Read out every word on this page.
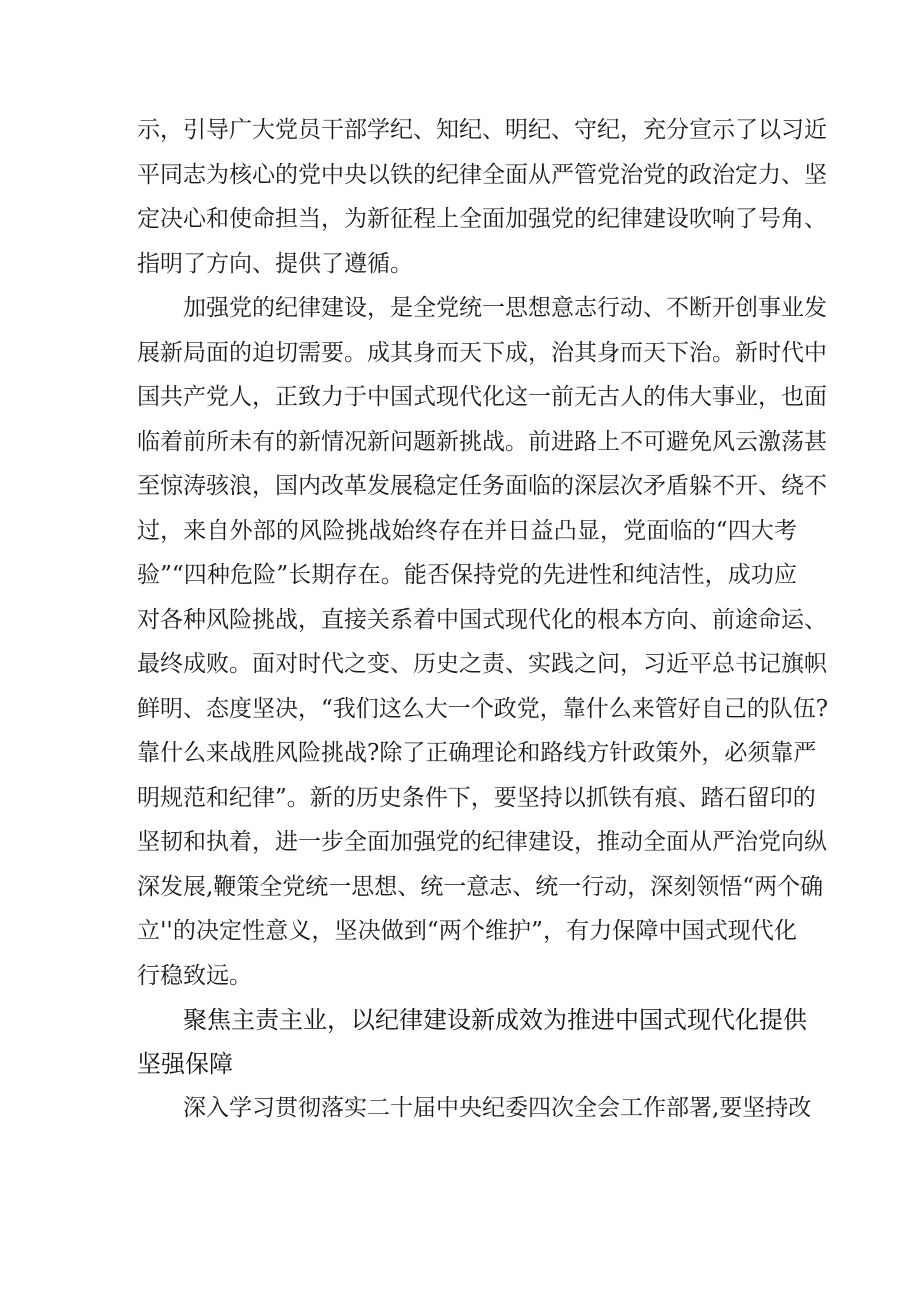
示，引导广大党员干部学纪、知纪、明纪、守纪，充分宣示了以习近
平同志为核心的党中央以铁的纪律全面从严管党治党的政治定力、坚
定决心和使命担当，为新征程上全面加强党的纪律建设吹响了号角、
指明了方向、提供了遵循。
加强党的纪律建设，是全党统一思想意志行动、不断开创事业发
展新局面的迫切需要。成其身而天下成，治其身而天下治。新时代中
国共产党人，正致力于中国式现代化这一前无古人的伟大事业，也面
临着前所未有的新情况新问题新挑战。前进路上不可避免风云激荡甚
至惊涛骇浪，国内改革发展稳定任务面临的深层次矛盾躲不开、绕不
过，来自外部的风险挑战始终存在并日益凸显，党面临的“四大考
验”“四种危险”长期存在。能否保持党的先进性和纯洁性，成功应
对各种风险挑战，直接关系着中国式现代化的根本方向、前途命运、
最终成败。面对时代之变、历史之责、实践之问，习近平总书记旗帜
鲜明、态度坚决，“我们这么大一个政党，靠什么来管好自己的队伍?
靠什么来战胜风险挑战?除了正确理论和路线方针政策外，必须靠严
明规范和纪律”。新的历史条件下，要坚持以抓铁有痕、踏石留印的
坚韧和执着，进一步全面加强党的纪律建设，推动全面从严治党向纵
深发展,鞭策全党统一思想、统一意志、统一行动，深刻领悟“两个确
立''的决定性意义，坚决做到“两个维护”，有力保障中国式现代化
行稳致远。
聚焦主责主业，以纪律建设新成效为推进中国式现代化提供
坚强保障
深入学习贯彻落实二十届中央纪委四次全会工作部署,要坚持改
